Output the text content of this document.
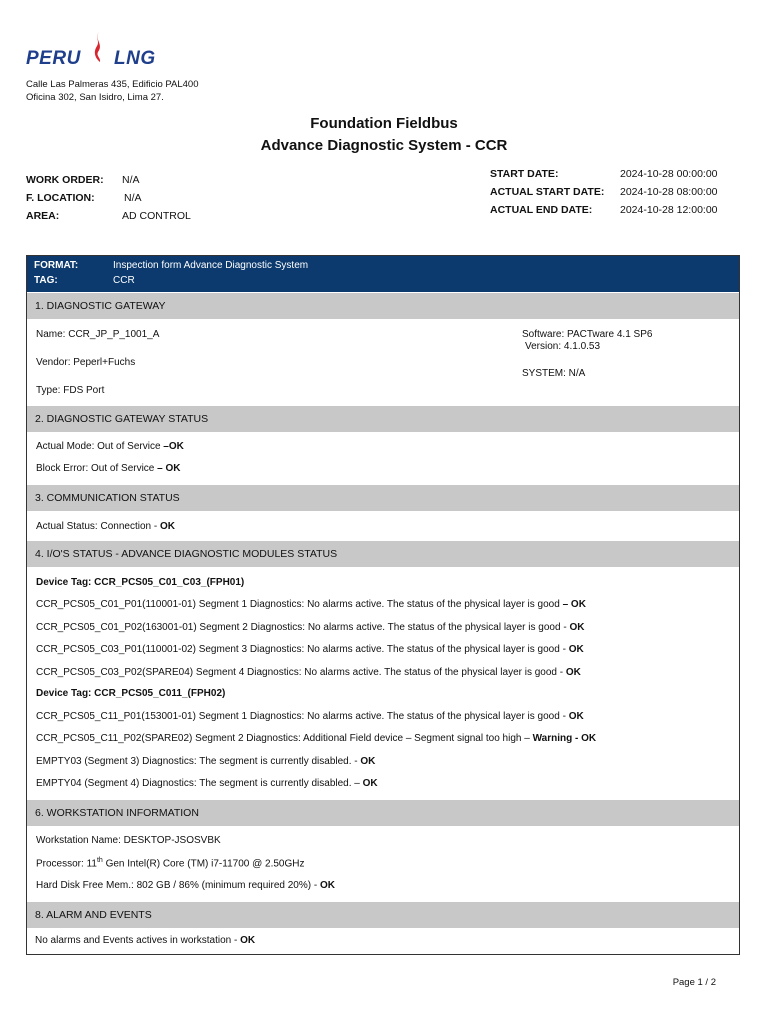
PERU LNG
Calle Las Palmeras 435, Edificio PAL400
Oficina 302, San Isidro, Lima 27.
Foundation Fieldbus
Advance Diagnostic System - CCR
WORK ORDER: N/A
F. LOCATION:	N/A
AREA:	AD CONTROL
START DATE:	2024-10-28 00:00:00
ACTUAL START DATE: 2024-10-28 08:00:00
ACTUAL END DATE:	2024-10-28 12:00:00
FORMAT:	Inspection form Advance Diagnostic System
TAG:	CCR
1. DIAGNOSTIC GATEWAY
Name: CCR_JP_P_1001_A
Vendor: Peperl+Fuchs
Type: FDS Port
Software: PACTware 4.1 SP6
Version: 4.1.0.53
SYSTEM: N/A
2. DIAGNOSTIC GATEWAY STATUS
Actual Mode: Out of Service –OK
Block Error: Out of Service – OK
3. COMMUNICATION STATUS
Actual Status: Connection - OK
4. I/O'S STATUS - ADVANCE DIAGNOSTIC MODULES STATUS
Device Tag: CCR_PCS05_C01_C03_(FPH01)
CCR_PCS05_C01_P01(110001-01) Segment 1 Diagnostics: No alarms active. The status of the physical layer is good – OK
CCR_PCS05_C01_P02(163001-01) Segment 2 Diagnostics: No alarms active. The status of the physical layer is good - OK
CCR_PCS05_C03_P01(110001-02) Segment 3 Diagnostics: No alarms active. The status of the physical layer is good - OK
CCR_PCS05_C03_P02(SPARE04) Segment 4 Diagnostics: No alarms active. The status of the physical layer is good - OK
Device Tag: CCR_PCS05_C011_(FPH02)
CCR_PCS05_C11_P01(153001-01) Segment 1 Diagnostics: No alarms active. The status of the physical layer is good - OK
CCR_PCS05_C11_P02(SPARE02) Segment 2 Diagnostics: Additional Field device – Segment signal too high – Warning - OK
EMPTY03 (Segment 3) Diagnostics: The segment is currently disabled. - OK
EMPTY04 (Segment 4) Diagnostics: The segment is currently disabled. – OK
6. WORKSTATION INFORMATION
Workstation Name: DESKTOP-JSOSVBK
Processor: 11th Gen Intel(R) Core (TM) i7-11700 @ 2.50GHz
Hard Disk Free Mem.: 802 GB / 86% (minimum required 20%) - OK
8. ALARM AND EVENTS
No alarms and Events actives in workstation - OK
Page 1 / 2
